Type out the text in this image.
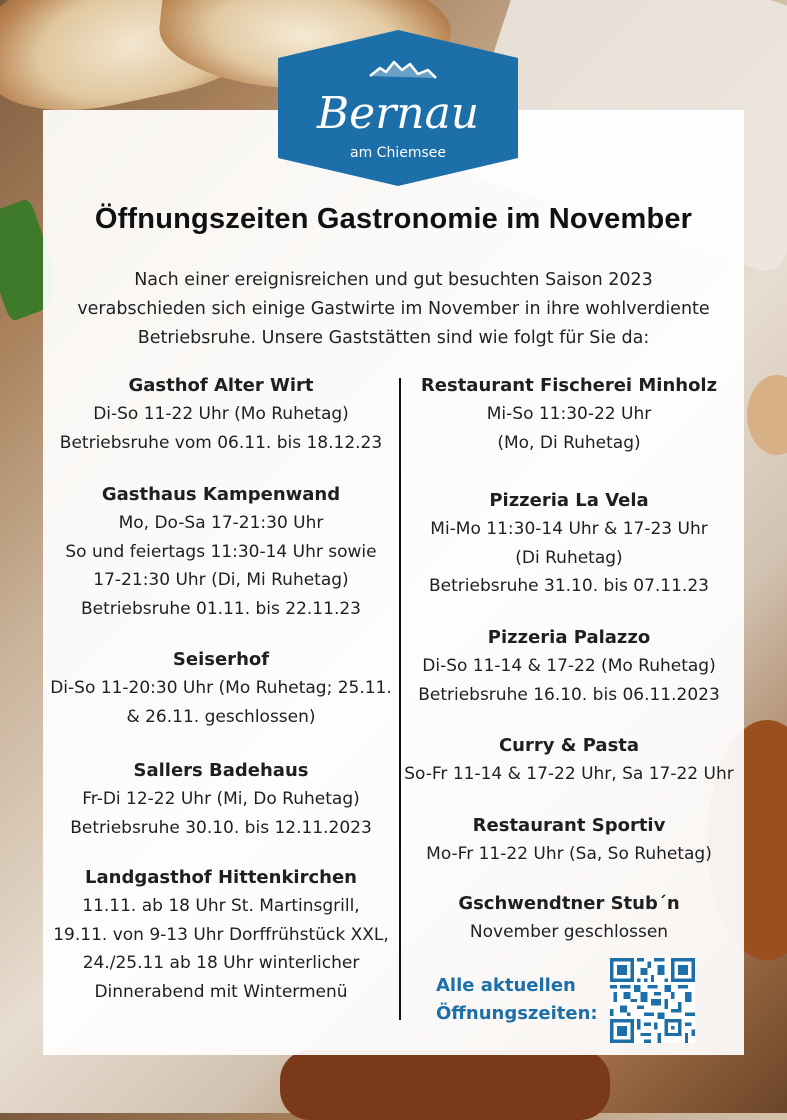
Bernau
am Chiemsee
Öffnungszeiten Gastronomie im November
Nach einer ereignisreichen und gut besuchten Saison 2023
verabschieden sich einige Gastwirte im November in ihre wohlverdiente
Betriebsruhe. Unsere Gaststätten sind wie folgt für Sie da:
Gasthof Alter Wirt
Di-So 11-22 Uhr (Mo Ruhetag)
Betriebsruhe vom 06.11. bis 18.12.23
Gasthaus Kampenwand
Mo, Do-Sa 17-21:30 Uhr
So und feiertags 11:30-14 Uhr sowie
17-21:30 Uhr (Di, Mi Ruhetag)
Betriebsruhe 01.11. bis 22.11.23
Seiserhof
Di-So 11-20:30 Uhr (Mo Ruhetag; 25.11.
& 26.11. geschlossen)
Sallers Badehaus
Fr-Di 12-22 Uhr (Mi, Do Ruhetag)
Betriebsruhe 30.10. bis 12.11.2023
Landgasthof Hittenkirchen
11.11. ab 18 Uhr St. Martinsgrill,
19.11. von 9-13 Uhr Dorffrühstück XXL,
24./25.11 ab 18 Uhr winterlicher
Dinnerabend mit Wintermenü
Restaurant Fischerei Minholz
Mi-So 11:30-22 Uhr
(Mo, Di Ruhetag)
Pizzeria La Vela
Mi-Mo 11:30-14 Uhr & 17-23 Uhr
(Di Ruhetag)
Betriebsruhe 31.10. bis 07.11.23
Pizzeria Palazzo
Di-So 11-14 & 17-22 (Mo Ruhetag)
Betriebsruhe 16.10. bis 06.11.2023
Curry & Pasta
So-Fr 11-14 & 17-22 Uhr, Sa 17-22 Uhr
Restaurant Sportiv
Mo-Fr 11-22 Uhr (Sa, So Ruhetag)
Gschwendtner Stub´n
November geschlossen
Alle aktuellen
Öffnungszeiten:
